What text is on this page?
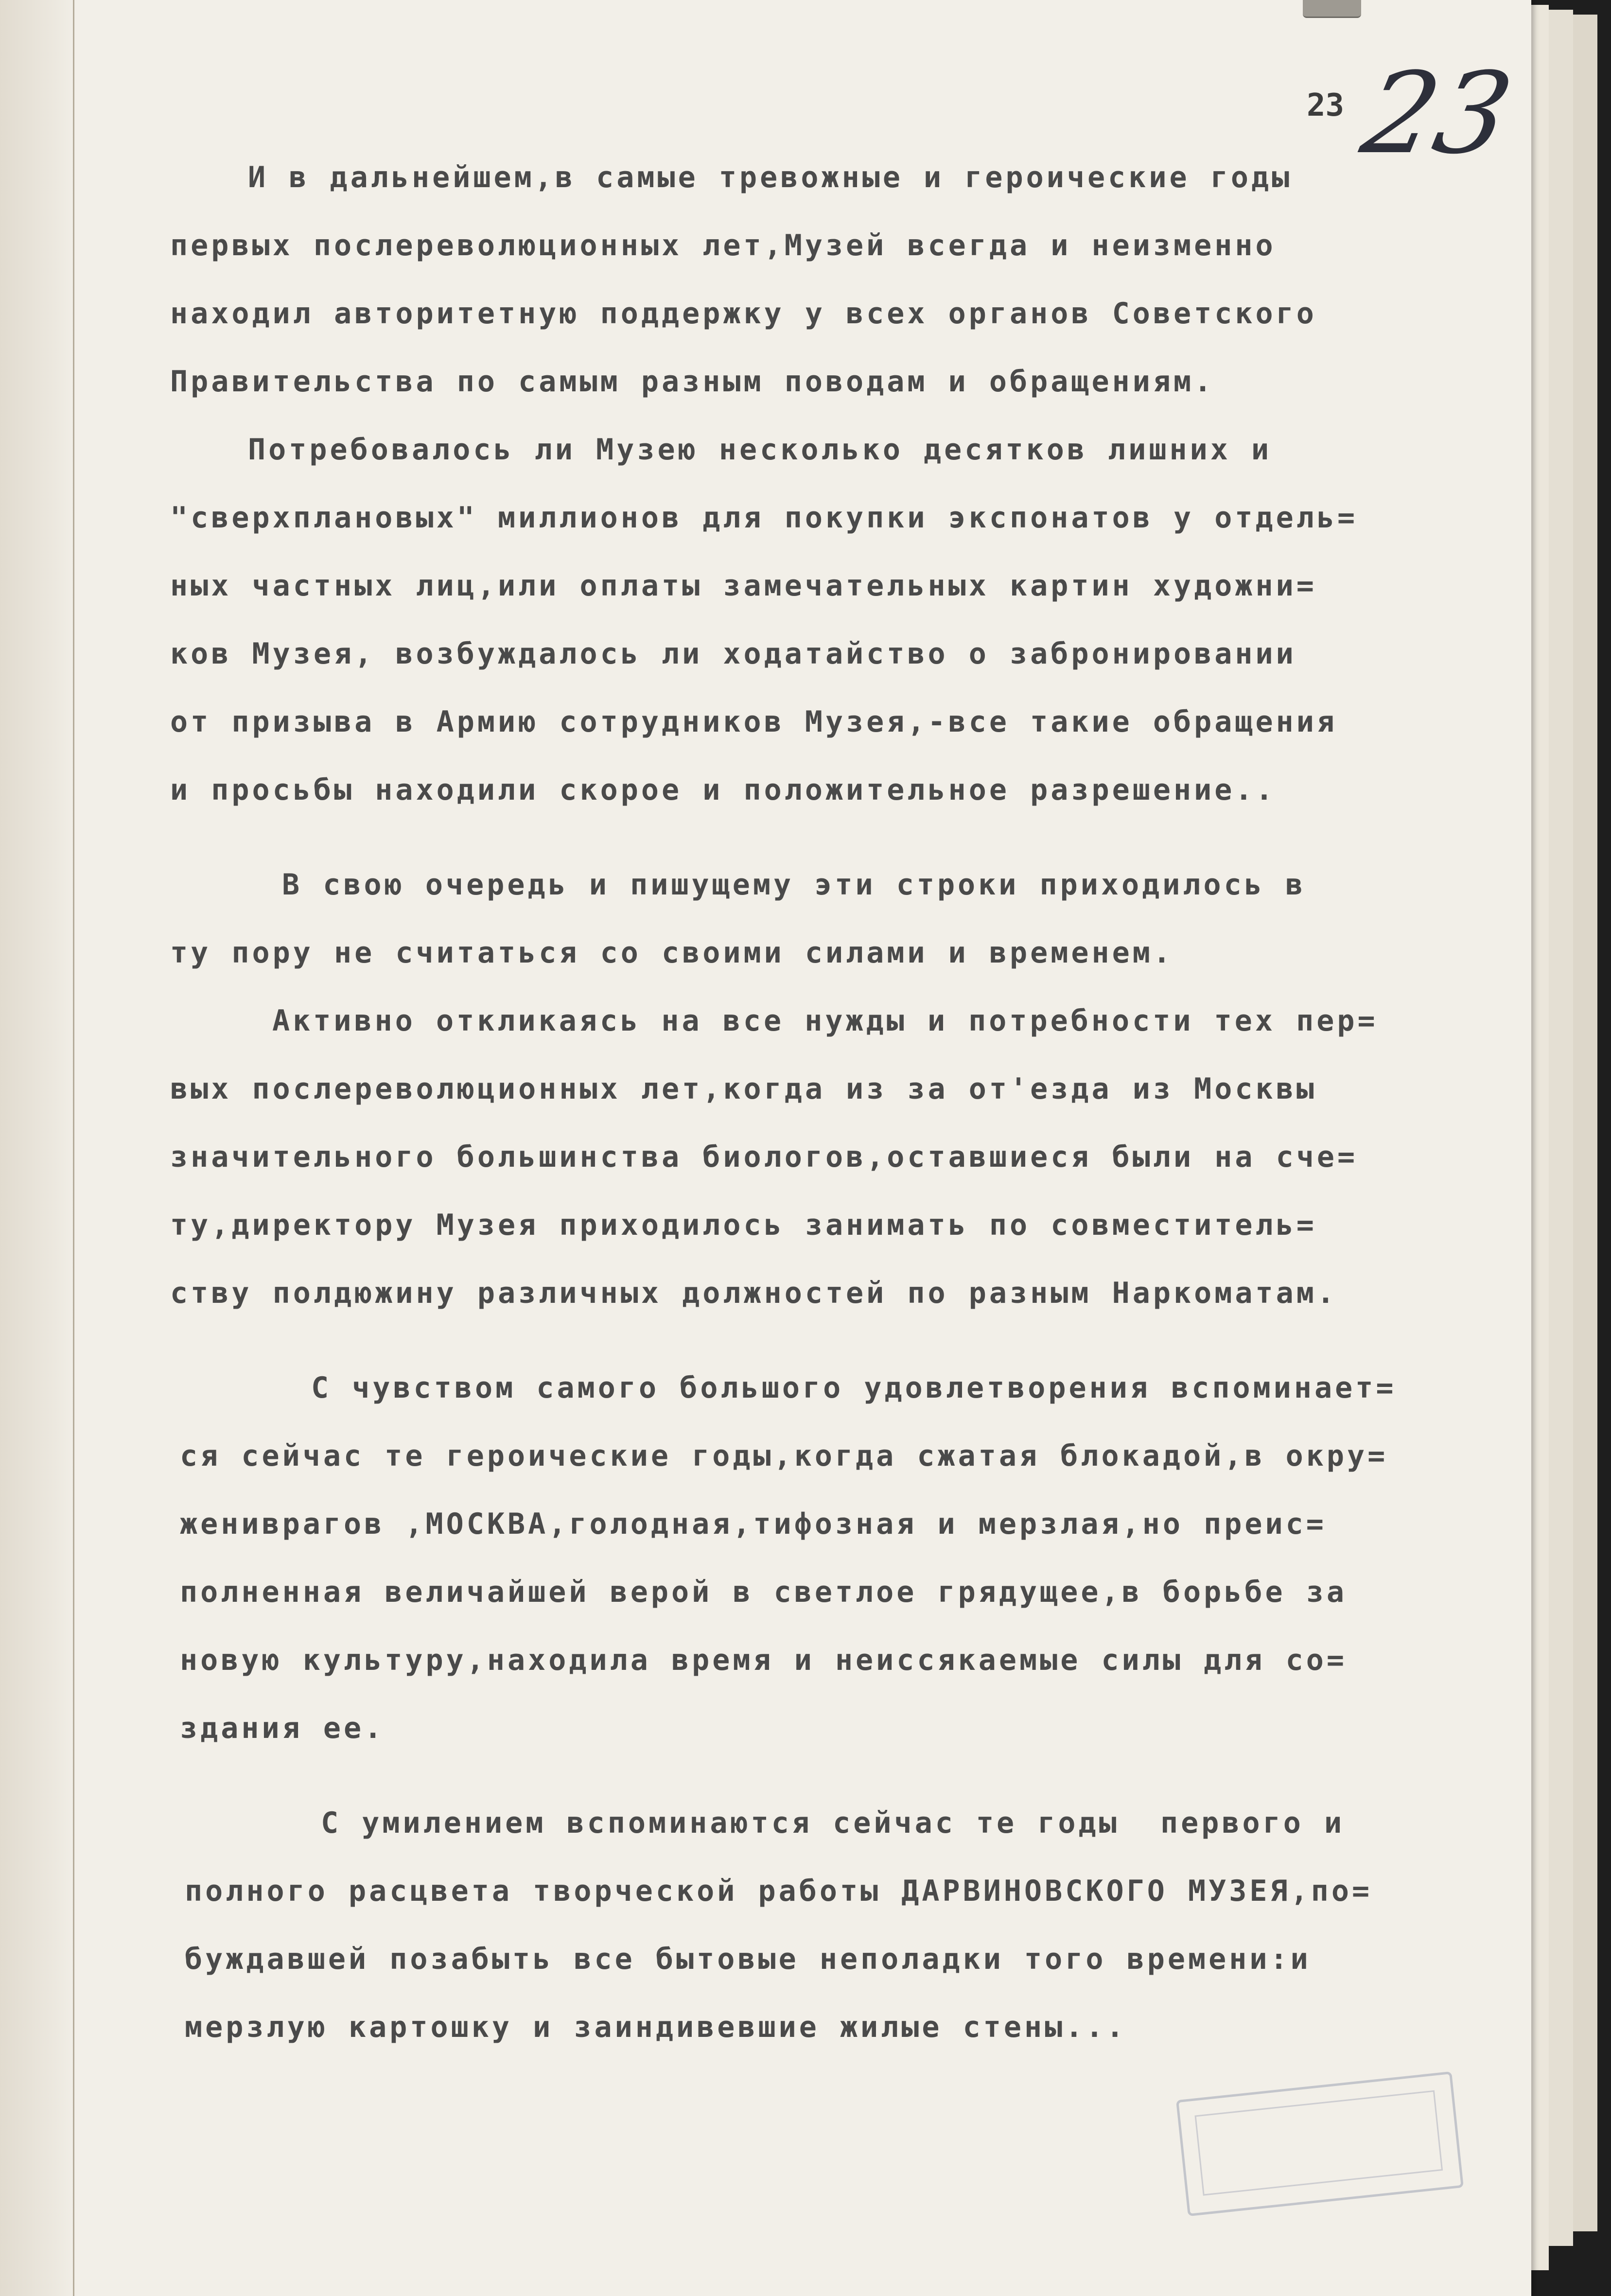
23 23
И в дальнейшем,в самые тревожные и героические годы
первых послереволюционных лет,Музей всегда и неизменно
находил авторитетную поддержку у всех органов Советского
Правительства по самым разным поводам и обращениям.
Потребовалось ли Музею несколько десятков лишних и
"сверхплановых" миллионов для покупки экспонатов у отдель=
ных частных лиц,или оплаты замечательных картин художни=
ков Музея, возбуждалось ли ходатайство о забронировании
от призыва в Армию сотрудников Музея,-все такие обращения
и просьбы находили скорое и положительное разрешение..
В свою очередь и пишущему эти строки приходилось в
ту пору не считаться со своими силами и временем.
Активно откликаясь на все нужды и потребности тех пер=
вых послереволюционных лет,когда из за от'езда из Москвы
значительного большинства биологов,оставшиеся были на сче=
ту,директору Музея приходилось занимать по совместитель=
ству полдюжину различных должностей по разным Наркоматам.
С чувством самого большого удовлетворения вспоминает=
ся сейчас те героические годы,когда сжатая блокадой,в окру=
жениврагов ,МОСКВА,голодная,тифозная и мерзлая,но преис=
полненная величайшей верой в светлое грядущее,в борьбе за
новую культуру,находила время и неиссякаемые силы для со=
здания ее.
С умилением вспоминаются сейчас те годы  первого и
полного расцвета творческой работы ДАРВИНОВСКОГО МУЗЕЯ,по=
буждавшей позабыть все бытовые неполадки того времени:и
мерзлую картошку и заиндивевшие жилые стены...
